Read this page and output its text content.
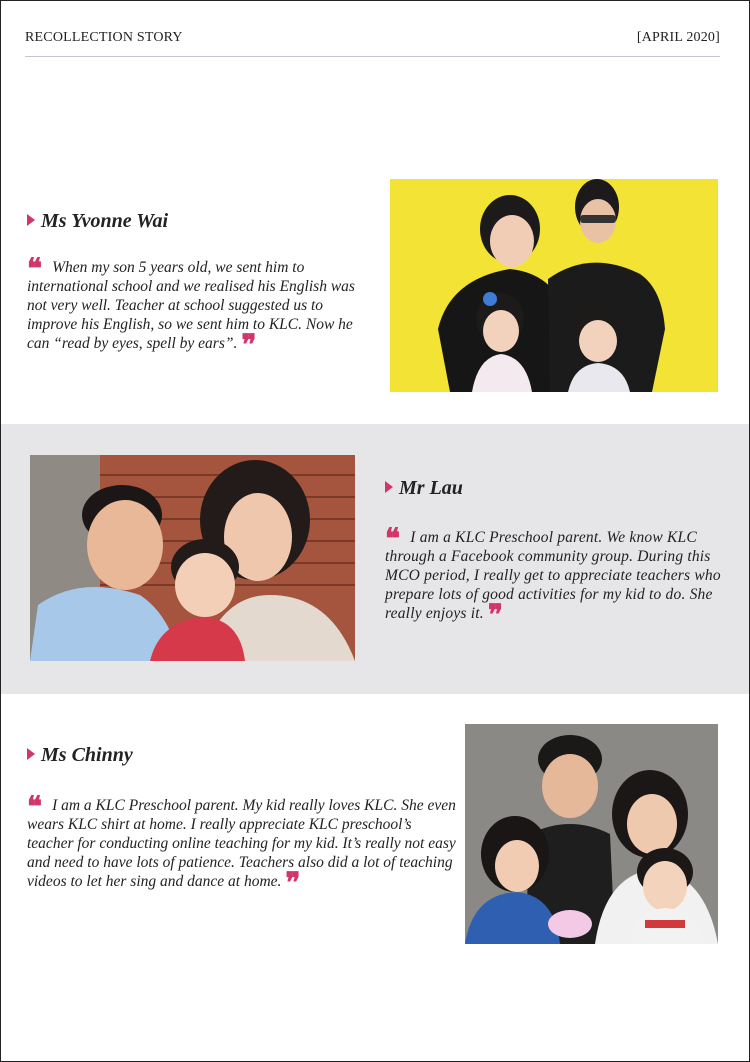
RECOLLECTION STORY	[APRIL 2020]
Ms Yvonne Wai
❝ When my son 5 years old, we sent him to international school and we realised his English was not very well. Teacher at school suggested us to improve his English, so we sent him to KLC. Now he can “read by eyes, spell by ears”. ❞
Mr Lau
❝ I am a KLC Preschool parent. We know KLC through a Facebook community group. During this MCO period, I really get to appreciate teachers who prepare lots of good activities for my kid to do. She really enjoys it. ❞
Ms Chinny
❝ I am a KLC Preschool parent. My kid really loves KLC. She even wears KLC shirt at home. I really appreciate KLC preschool’s teacher for conducting online teaching for my kid. It’s really not easy and need to have lots of patience. Teachers also did a lot of teaching videos to let her sing and dance at home. ❞
